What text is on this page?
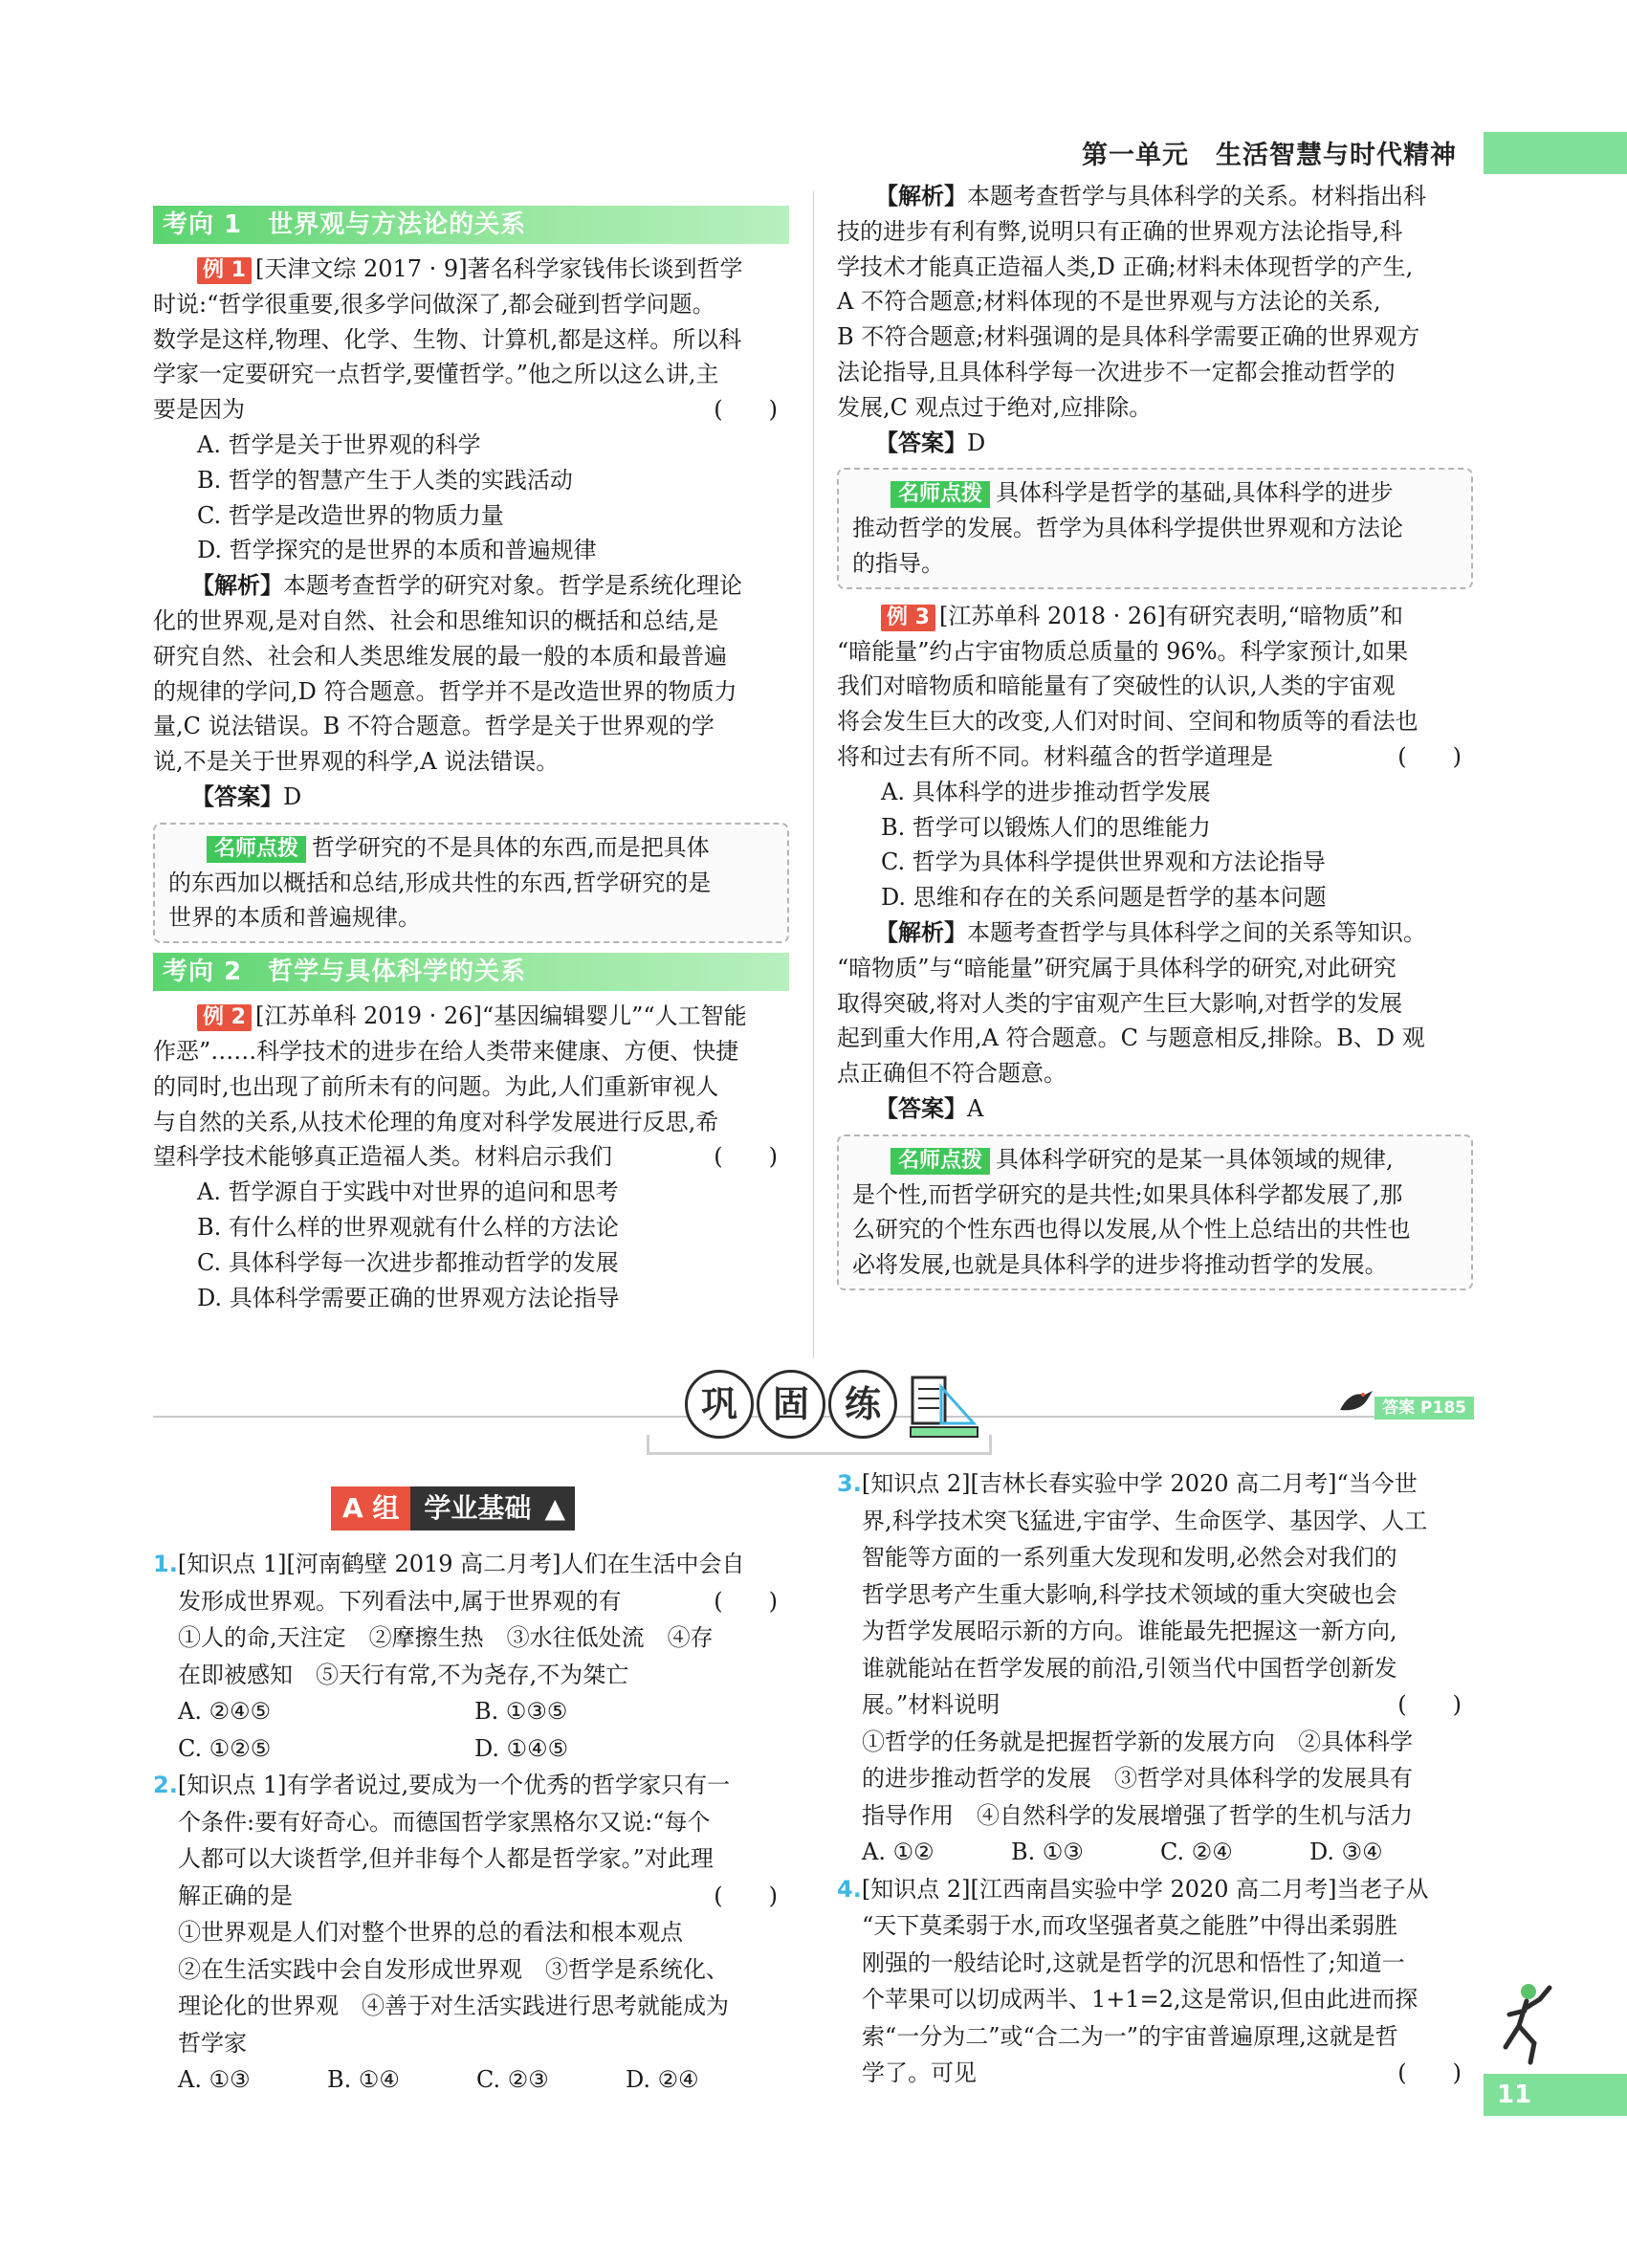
第一单元　生活智慧与时代精神
考向 1　世界观与方法论的关系

例 1 [天津文综 2017 · 9]著名科学家钱伟长谈到哲学

时说:“哲学很重要,很多学问做深了,都会碰到哲学问题。

数学是这样,物理、化学、生物、计算机,都是这样。所以科

学家一定要研究一点哲学,要懂哲学。”他之所以这么讲,主

要是因为	(　　)

A. 哲学是关于世界观的科学

B. 哲学的智慧产生于人类的实践活动

C. 哲学是改造世界的物质力量

D. 哲学探究的是世界的本质和普遍规律

【解析】本题考查哲学的研究对象。哲学是系统化理论

化的世界观,是对自然、社会和思维知识的概括和总结,是

研究自然、社会和人类思维发展的最一般的本质和最普遍

的规律的学问,D 符合题意。哲学并不是改造世界的物质力

量,C 说法错误。B 不符合题意。哲学是关于世界观的学

说,不是关于世界观的科学,A 说法错误。

【答案】D

名师点拨 哲学研究的不是具体的东西,而是把具体

的东西加以概括和总结,形成共性的东西,哲学研究的是

世界的本质和普遍规律。

考向 2　哲学与具体科学的关系

例 2 [江苏单科 2019 · 26]“基因编辑婴儿”“人工智能

作恶”……科学技术的进步在给人类带来健康、方便、快捷

的同时,也出现了前所未有的问题。为此,人们重新审视人

与自然的关系,从技术伦理的角度对科学发展进行反思,希

望科学技术能够真正造福人类。材料启示我们	(　　)

A. 哲学源自于实践中对世界的追问和思考

B. 有什么样的世界观就有什么样的方法论

C. 具体科学每一次进步都推动哲学的发展

D. 具体科学需要正确的世界观方法论指导

【解析】本题考查哲学与具体科学的关系。材料指出科

技的进步有利有弊,说明只有正确的世界观方法论指导,科

学技术才能真正造福人类,D 正确;材料未体现哲学的产生,

A 不符合题意;材料体现的不是世界观与方法论的关系,

B 不符合题意;材料强调的是具体科学需要正确的世界观方

法论指导,且具体科学每一次进步不一定都会推动哲学的

发展,C 观点过于绝对,应排除。

【答案】D

名师点拨 具体科学是哲学的基础,具体科学的进步

推动哲学的发展。哲学为具体科学提供世界观和方法论

的指导。

例 3 [江苏单科 2018 · 26]有研究表明,“暗物质”和

“暗能量”约占宇宙物质总质量的 96%。科学家预计,如果

我们对暗物质和暗能量有了突破性的认识,人类的宇宙观

将会发生巨大的改变,人们对时间、空间和物质等的看法也

将和过去有所不同。材料蕴含的哲学道理是	(　　)

A. 具体科学的进步推动哲学发展

B. 哲学可以锻炼人们的思维能力

C. 哲学为具体科学提供世界观和方法论指导

D. 思维和存在的关系问题是哲学的基本问题

【解析】本题考查哲学与具体科学之间的关系等知识。

“暗物质”与“暗能量”研究属于具体科学的研究,对此研究

取得突破,将对人类的宇宙观产生巨大影响,对哲学的发展

起到重大作用,A 符合题意。C 与题意相反,排除。B、D 观

点正确但不符合题意。

【答案】A

名师点拨 具体科学研究的是某一具体领域的规律,

是个性,而哲学研究的是共性;如果具体科学都发展了,那

么研究的个性东西也得以发展,从个性上总结出的共性也

必将发展,也就是具体科学的进步将推动哲学的发展。

巩 固 练	答案 P185
A 组 学业基础 ▲

1.[知识点 1][河南鹤壁 2019 高二月考]人们在生活中会自

发形成世界观。下列看法中,属于世界观的有	(　　)

①人的命,天注定　②摩擦生热　③水往低处流　④存

在即被感知　⑤天行有常,不为尧存,不为桀亡

A. ②④⑤	B. ①③⑤

C. ①②⑤	D. ①④⑤

2.[知识点 1]有学者说过,要成为一个优秀的哲学家只有一

个条件:要有好奇心。而德国哲学家黑格尔又说:“每个

人都可以大谈哲学,但并非每个人都是哲学家。”对此理

解正确的是	(　　)

①世界观是人们对整个世界的总的看法和根本观点

②在生活实践中会自发形成世界观　③哲学是系统化、

理论化的世界观　④善于对生活实践进行思考就能成为

哲学家

A. ①③	B. ①④	C. ②③	D. ②④

3.[知识点 2][吉林长春实验中学 2020 高二月考]“当今世

界,科学技术突飞猛进,宇宙学、生命医学、基因学、人工

智能等方面的一系列重大发现和发明,必然会对我们的

哲学思考产生重大影响,科学技术领域的重大突破也会

为哲学发展昭示新的方向。谁能最先把握这一新方向,

谁就能站在哲学发展的前沿,引领当代中国哲学创新发

展。”材料说明	(　　)

①哲学的任务就是把握哲学新的发展方向　②具体科学

的进步推动哲学的发展　③哲学对具体科学的发展具有

指导作用　④自然科学的发展增强了哲学的生机与活力

A. ①②	B. ①③	C. ②④	D. ③④

4.[知识点 2][江西南昌实验中学 2020 高二月考]当老子从

“天下莫柔弱于水,而攻坚强者莫之能胜”中得出柔弱胜

刚强的一般结论时,这就是哲学的沉思和悟性了;知道一

个苹果可以切成两半、1+1=2,这是常识,但由此进而探

索“一分为二”或“合二为一”的宇宙普遍原理,这就是哲

学了。可见	(　　)

11
